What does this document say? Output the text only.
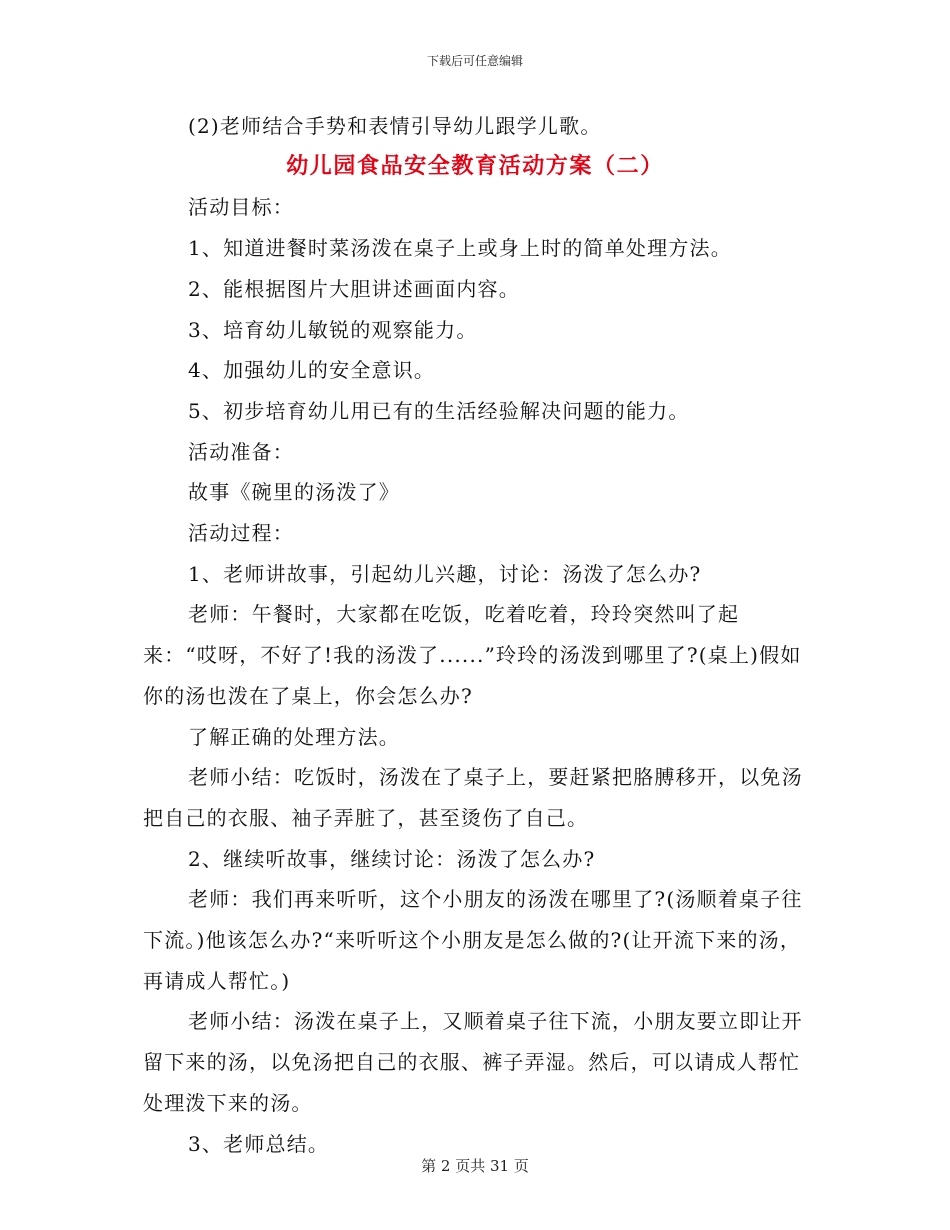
下载后可任意编辑

(2)老师结合手势和表情引导幼儿跟学儿歌。

幼儿园食品安全教育活动方案（二）

活动目标：

1、知道进餐时菜汤泼在桌子上或身上时的简单处理方法。

2、能根据图片大胆讲述画面内容。

3、培育幼儿敏锐的观察能力。

4、加强幼儿的安全意识。

5、初步培育幼儿用已有的生活经验解决问题的能力。

活动准备：

故事《碗里的汤泼了》

活动过程：

1、老师讲故事，引起幼儿兴趣，讨论：汤泼了怎么办?

老师：午餐时，大家都在吃饭，吃着吃着，玲玲突然叫了起来：“哎呀，不好了!我的汤泼了......”玲玲的汤泼到哪里了?(桌上)假如你的汤也泼在了桌上，你会怎么办?

了解正确的处理方法。

老师小结：吃饭时，汤泼在了桌子上，要赶紧把胳膊移开，以免汤把自己的衣服、袖子弄脏了，甚至烫伤了自己。

2、继续听故事，继续讨论：汤泼了怎么办?

老师：我们再来听听，这个小朋友的汤泼在哪里了?(汤顺着桌子往下流。)他该怎么办?“来听听这个小朋友是怎么做的?(让开流下来的汤，再请成人帮忙。)

老师小结：汤泼在桌子上，又顺着桌子往下流，小朋友要立即让开留下来的汤，以免汤把自己的衣服、裤子弄湿。然后，可以请成人帮忙处理泼下来的汤。

3、老师总结。

第 2 页共 31 页
